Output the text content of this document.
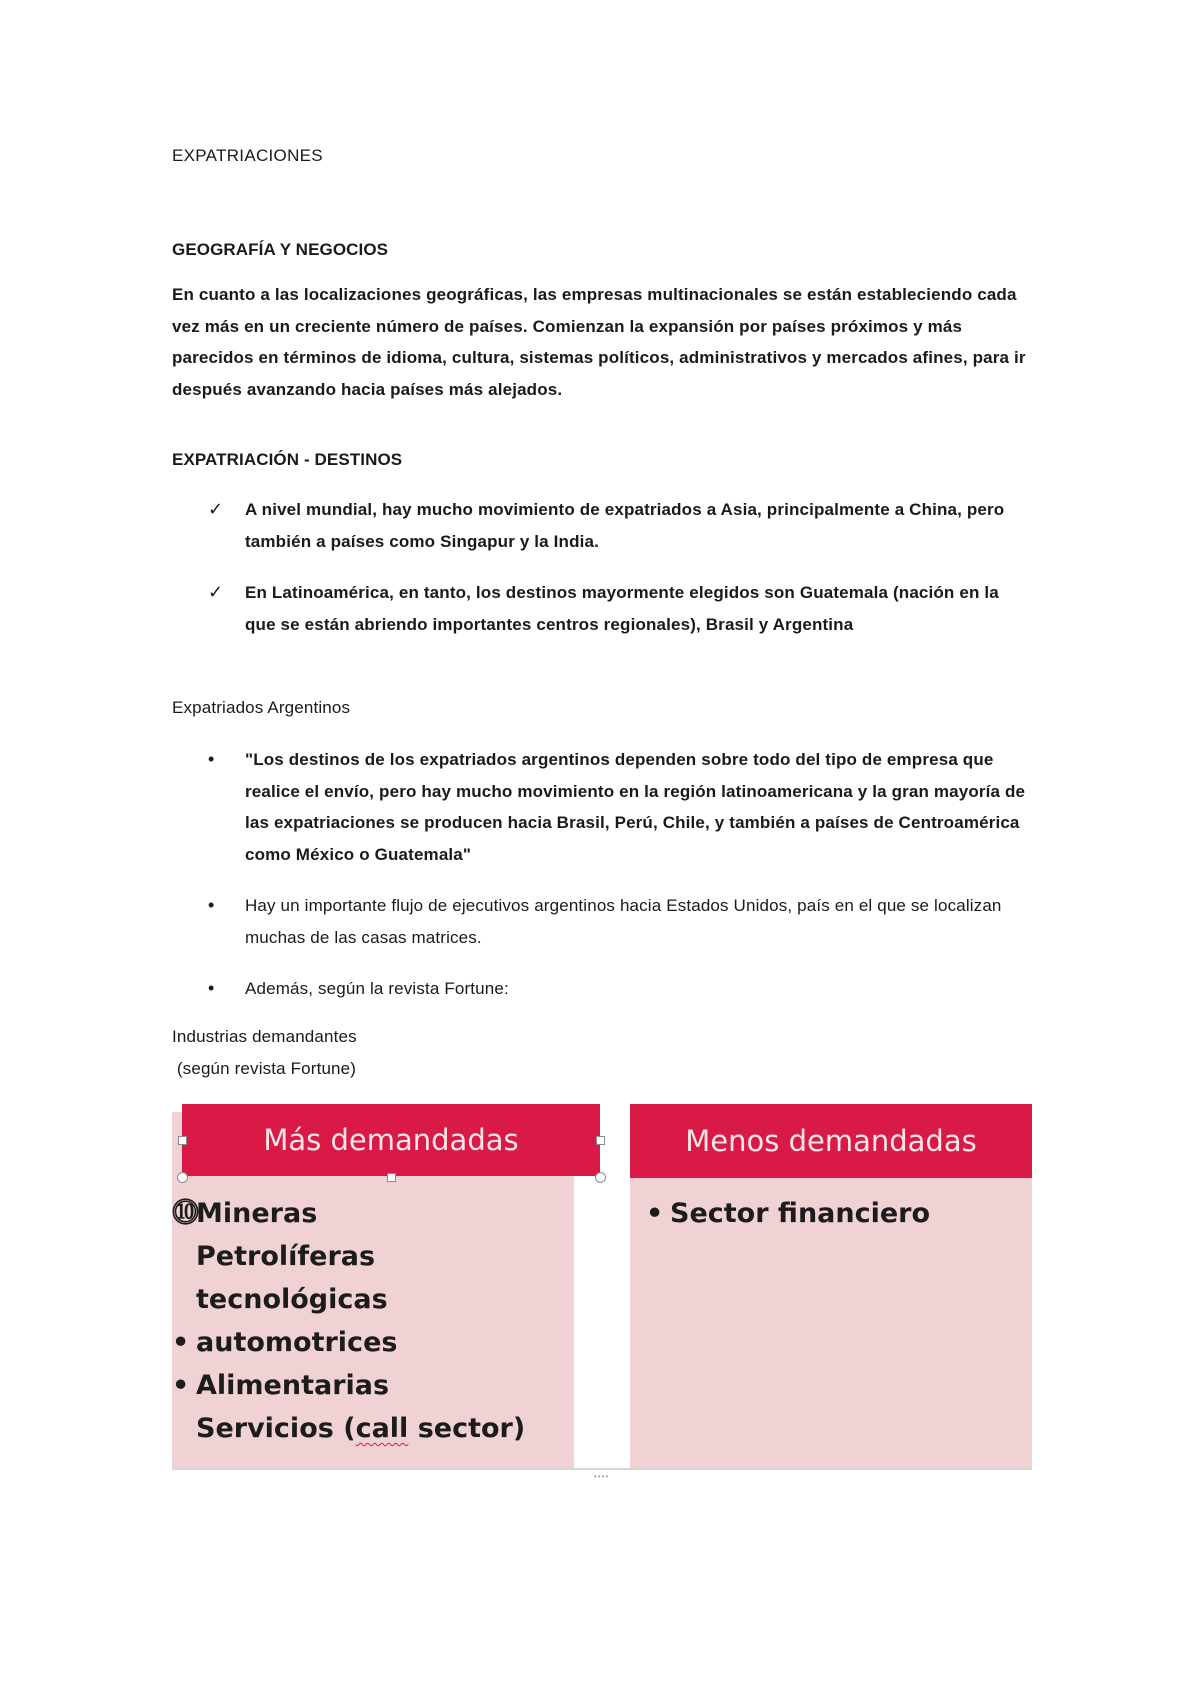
EXPATRIACIONES
GEOGRAFÍA Y NEGOCIOS
En cuanto a las localizaciones geográficas, las empresas multinacionales se están estableciendo cada vez más en un creciente número de países. Comienzan la expansión por países próximos y más parecidos en términos de idioma, cultura, sistemas políticos, administrativos y mercados afines, para ir después avanzando hacia países más alejados.
EXPATRIACIÓN - DESTINOS
✓ A nivel mundial, hay mucho movimiento de expatriados a Asia, principalmente a China, pero también a países como Singapur y la India.
✓ En Latinoamérica, en tanto, los destinos mayormente elegidos son Guatemala (nación en la que se están abriendo importantes centros regionales), Brasil y Argentina
Expatriados Argentinos
• "Los destinos de los expatriados argentinos dependen sobre todo del tipo de empresa que realice el envío, pero hay mucho movimiento en la región latinoamericana y la gran mayoría de las expatriaciones se producen hacia Brasil, Perú, Chile, y también a países de Centroamérica como México o Guatemala"
• Hay un importante flujo de ejecutivos argentinos hacia Estados Unidos, país en el que se localizan muchas de las casas matrices.
• Además, según la revista Fortune:
Industrias demandantes
(según revista Fortune)
Más demandadas	Menos demandadas
⓾
Mineras
Petrolíferas
tecnológicas
• automotrices
• Alimentarias
Servicios (call sector)
• Sector financiero
••••
